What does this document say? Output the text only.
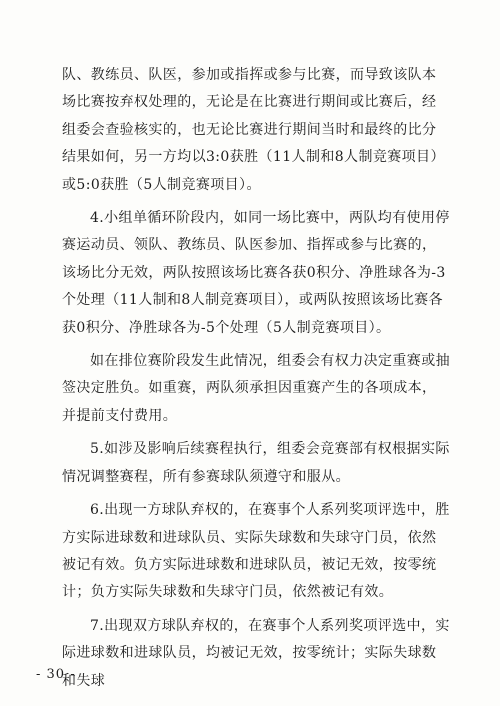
队、教练员、队医，参加或指挥或参与比赛，而导致该队本场比赛按弃权处理的，无论是在比赛进行期间或比赛后，经组委会查验核实的，也无论比赛进行期间当时和最终的比分结果如何，另一方均以3:0获胜（11人制和8人制竞赛项目）或5:0获胜（5人制竞赛项目）。

4.小组单循环阶段内，如同一场比赛中，两队均有使用停赛运动员、领队、教练员、队医参加、指挥或参与比赛的，该场比分无效，两队按照该场比赛各获0积分、净胜球各为-3个处理（11人制和8人制竞赛项目），或两队按照该场比赛各获0积分、净胜球各为-5个处理（5人制竞赛项目）。

如在排位赛阶段发生此情况，组委会有权力决定重赛或抽签决定胜负。如重赛，两队须承担因重赛产生的各项成本，并提前支付费用。

5.如涉及影响后续赛程执行，组委会竞赛部有权根据实际情况调整赛程，所有参赛球队须遵守和服从。

6.出现一方球队弃权的，在赛事个人系列奖项评选中，胜方实际进球数和进球队员、实际失球数和失球守门员，依然被记有效。负方实际进球数和进球队员，被记无效，按零统计；负方实际失球数和失球守门员，依然被记有效。

7.出现双方球队弃权的，在赛事个人系列奖项评选中，实际进球数和进球队员，均被记无效，按零统计；实际失球数和失球

- 30 -
